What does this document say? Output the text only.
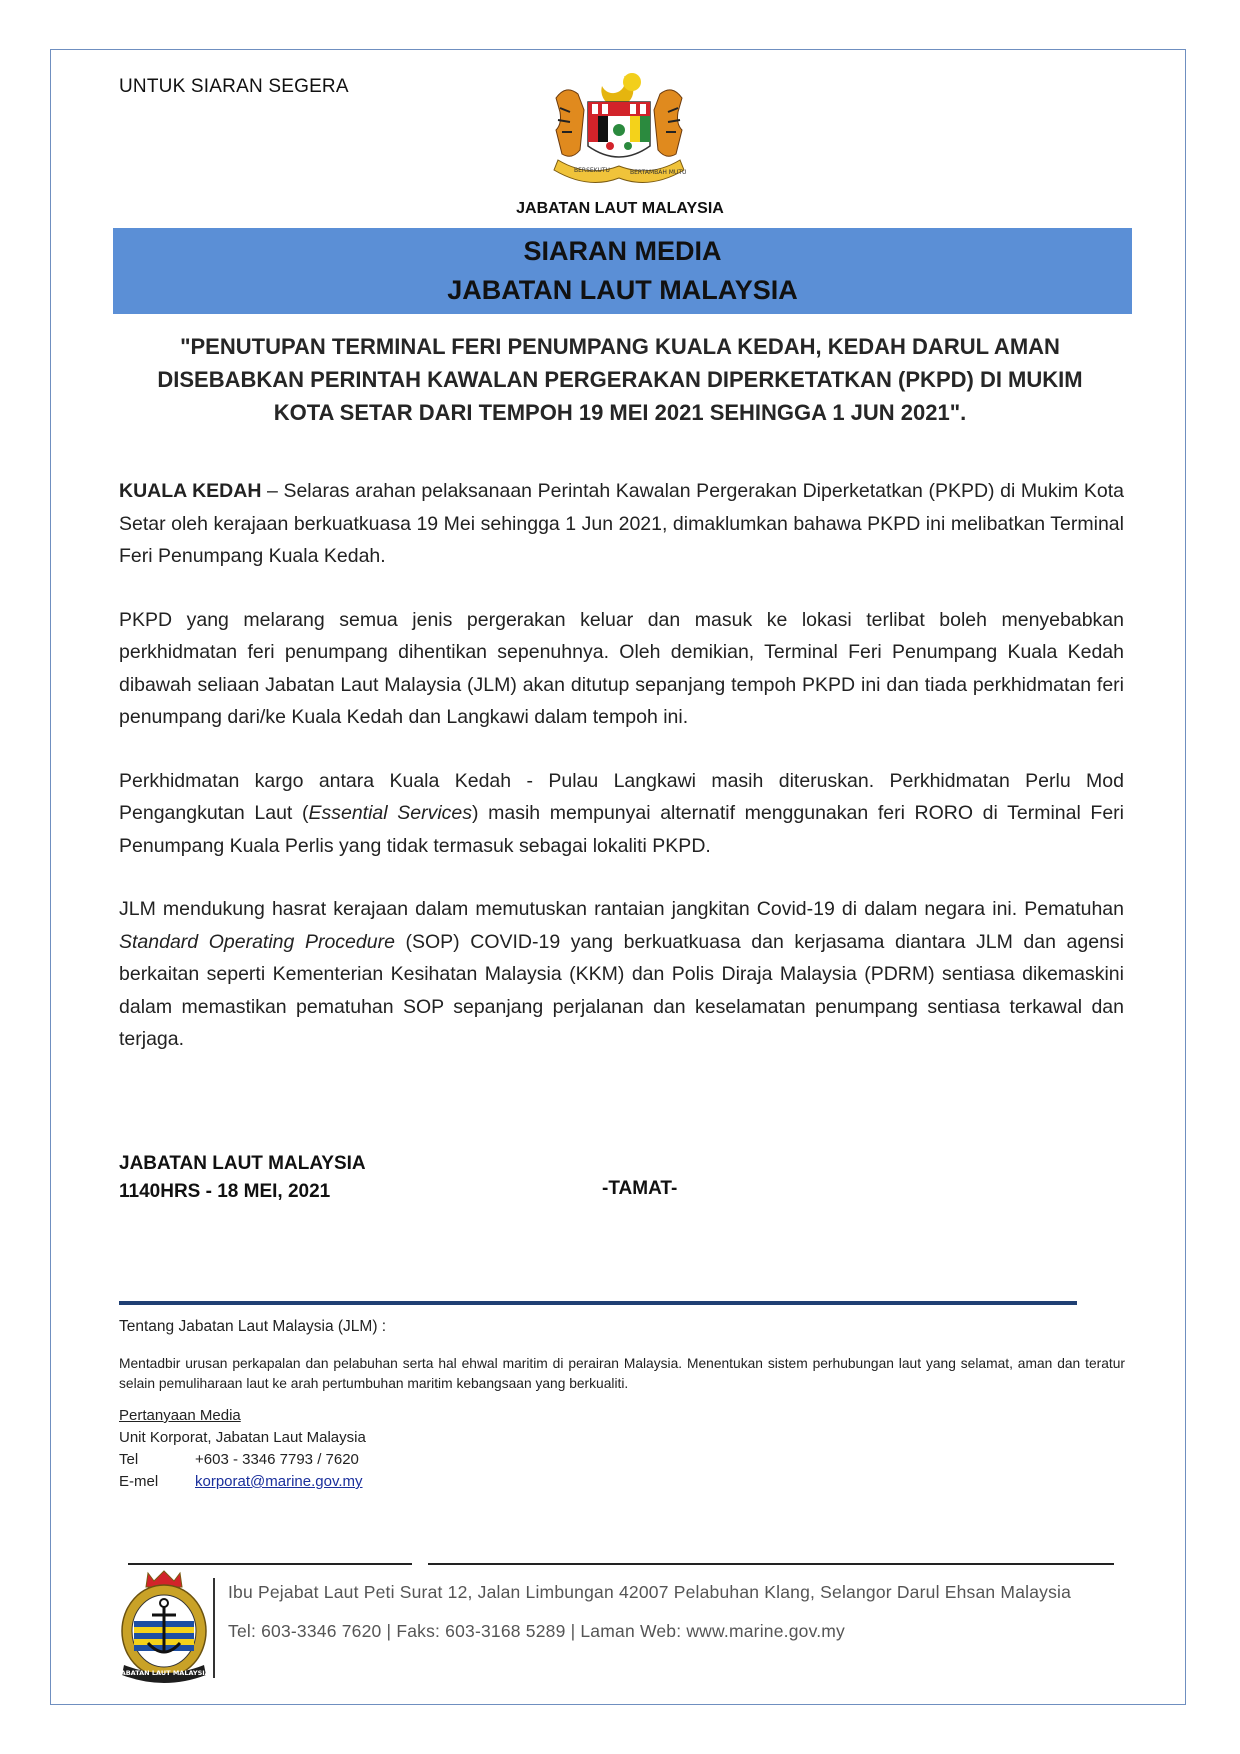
UNTUK SIARAN SEGERA
BERSEKUTU	BERTAMBAH MUTU
JABATAN LAUT MALAYSIA
SIARAN MEDIA
JABATAN LAUT MALAYSIA
"PENUTUPAN TERMINAL FERI PENUMPANG KUALA KEDAH, KEDAH DARUL AMAN
DISEBABKAN PERINTAH KAWALAN PERGERAKAN DIPERKETATKAN (PKPD) DI MUKIM
KOTA SETAR DARI TEMPOH 19 MEI 2021 SEHINGGA 1 JUN 2021".

KUALA KEDAH – Selaras arahan pelaksanaan Perintah Kawalan Pergerakan Diperketatkan (PKPD) di Mukim Kota Setar oleh kerajaan berkuatkuasa 19 Mei sehingga 1 Jun 2021, dimaklumkan bahawa PKPD ini melibatkan Terminal Feri Penumpang Kuala Kedah.

PKPD yang melarang semua jenis pergerakan keluar dan masuk ke lokasi terlibat boleh menyebabkan perkhidmatan feri penumpang dihentikan sepenuhnya. Oleh demikian, Terminal Feri Penumpang Kuala Kedah dibawah seliaan Jabatan Laut Malaysia (JLM) akan ditutup sepanjang tempoh PKPD ini dan tiada perkhidmatan feri penumpang dari/ke Kuala Kedah dan Langkawi dalam tempoh ini.

Perkhidmatan kargo antara Kuala Kedah - Pulau Langkawi masih diteruskan. Perkhidmatan Perlu Mod Pengangkutan Laut (Essential Services) masih mempunyai alternatif menggunakan feri RORO di Terminal Feri Penumpang Kuala Perlis yang tidak termasuk sebagai lokaliti PKPD.

JLM mendukung hasrat kerajaan dalam memutuskan rantaian jangkitan Covid-19 di dalam negara ini. Pematuhan Standard Operating Procedure (SOP) COVID-19 yang berkuatkuasa dan kerjasama diantara JLM dan agensi berkaitan seperti Kementerian Kesihatan Malaysia (KKM) dan Polis Diraja Malaysia (PDRM) sentiasa dikemaskini dalam memastikan pematuhan SOP sepanjang perjalanan dan keselamatan penumpang sentiasa terkawal dan terjaga.

JABATAN LAUT MALAYSIA
1140HRS - 18 MEI, 2021	-TAMAT-
Tentang Jabatan Laut Malaysia (JLM) :
Mentadbir urusan perkapalan dan pelabuhan serta hal ehwal maritim di perairan Malaysia. Menentukan sistem perhubungan laut yang selamat, aman dan teratur selain pemuliharaan laut ke arah pertumbuhan maritim kebangsaan yang berkualiti.
Pertanyaan Media
Unit Korporat, Jabatan Laut Malaysia
Tel	+603 - 3346 7793 / 7620
E-mel korporat@marine.gov.my
JABATAN LAUT MALAYSIA
Ibu Pejabat Laut Peti Surat 12, Jalan Limbungan 42007 Pelabuhan Klang, Selangor Darul Ehsan Malaysia
Tel: 603-3346 7620 | Faks: 603-3168 5289 | Laman Web: www.marine.gov.my
